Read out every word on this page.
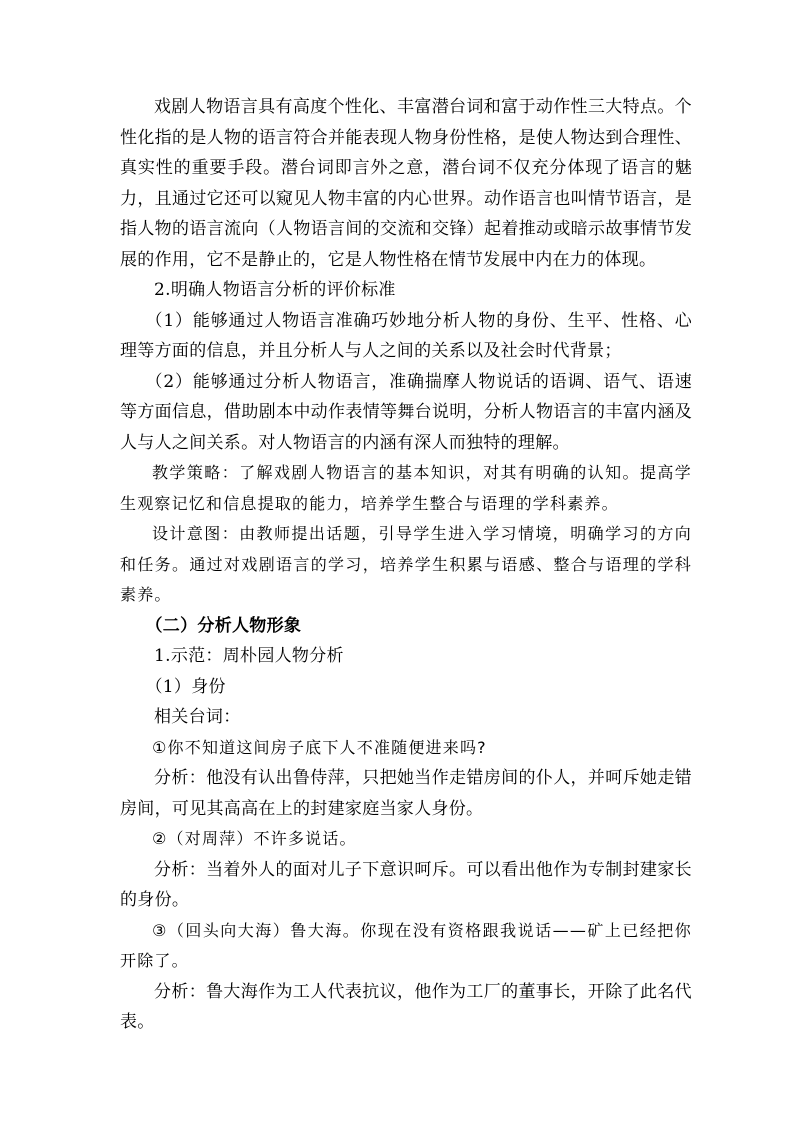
戏剧人物语言具有高度个性化、丰富潜台词和富于动作性三大特点。个性化指的是人物的语言符合并能表现人物身份性格，是使人物达到合理性、真实性的重要手段。潜台词即言外之意，潜台词不仅充分体现了语言的魅力，且通过它还可以窥见人物丰富的内心世界。动作语言也叫情节语言，是指人物的语言流向（人物语言间的交流和交锋）起着推动或暗示故事情节发展的作用，它不是静止的，它是人物性格在情节发展中内在力的体现。

2.明确人物语言分析的评价标准

（1）能够通过人物语言准确巧妙地分析人物的身份、生平、性格、心理等方面的信息，并且分析人与人之间的关系以及社会时代背景；

（2）能够通过分析人物语言，准确揣摩人物说话的语调、语气、语速等方面信息，借助剧本中动作表情等舞台说明，分析人物语言的丰富内涵及人与人之间关系。对人物语言的内涵有深人而独特的理解。

教学策略：了解戏剧人物语言的基本知识，对其有明确的认知。提高学生观察记忆和信息提取的能力，培养学生整合与语理的学科素养。

设计意图：由教师提出话题，引导学生进入学习情境，明确学习的方向和任务。通过对戏剧语言的学习，培养学生积累与语感、整合与语理的学科素养。

（二）分析人物形象

1.示范：周朴园人物分析

（1）身份

相关台词：

①你不知道这间房子底下人不准随便进来吗?

分析：他没有认出鲁侍萍，只把她当作走错房间的仆人，并呵斥她走错房间，可见其高高在上的封建家庭当家人身份。

②（对周萍）不许多说话。

分析：当着外人的面对儿子下意识呵斥。可以看出他作为专制封建家长的身份。

③（回头向大海）鲁大海。你现在没有资格跟我说话——矿上已经把你开除了。

分析：鲁大海作为工人代表抗议，他作为工厂的董事长，开除了此名代表。
